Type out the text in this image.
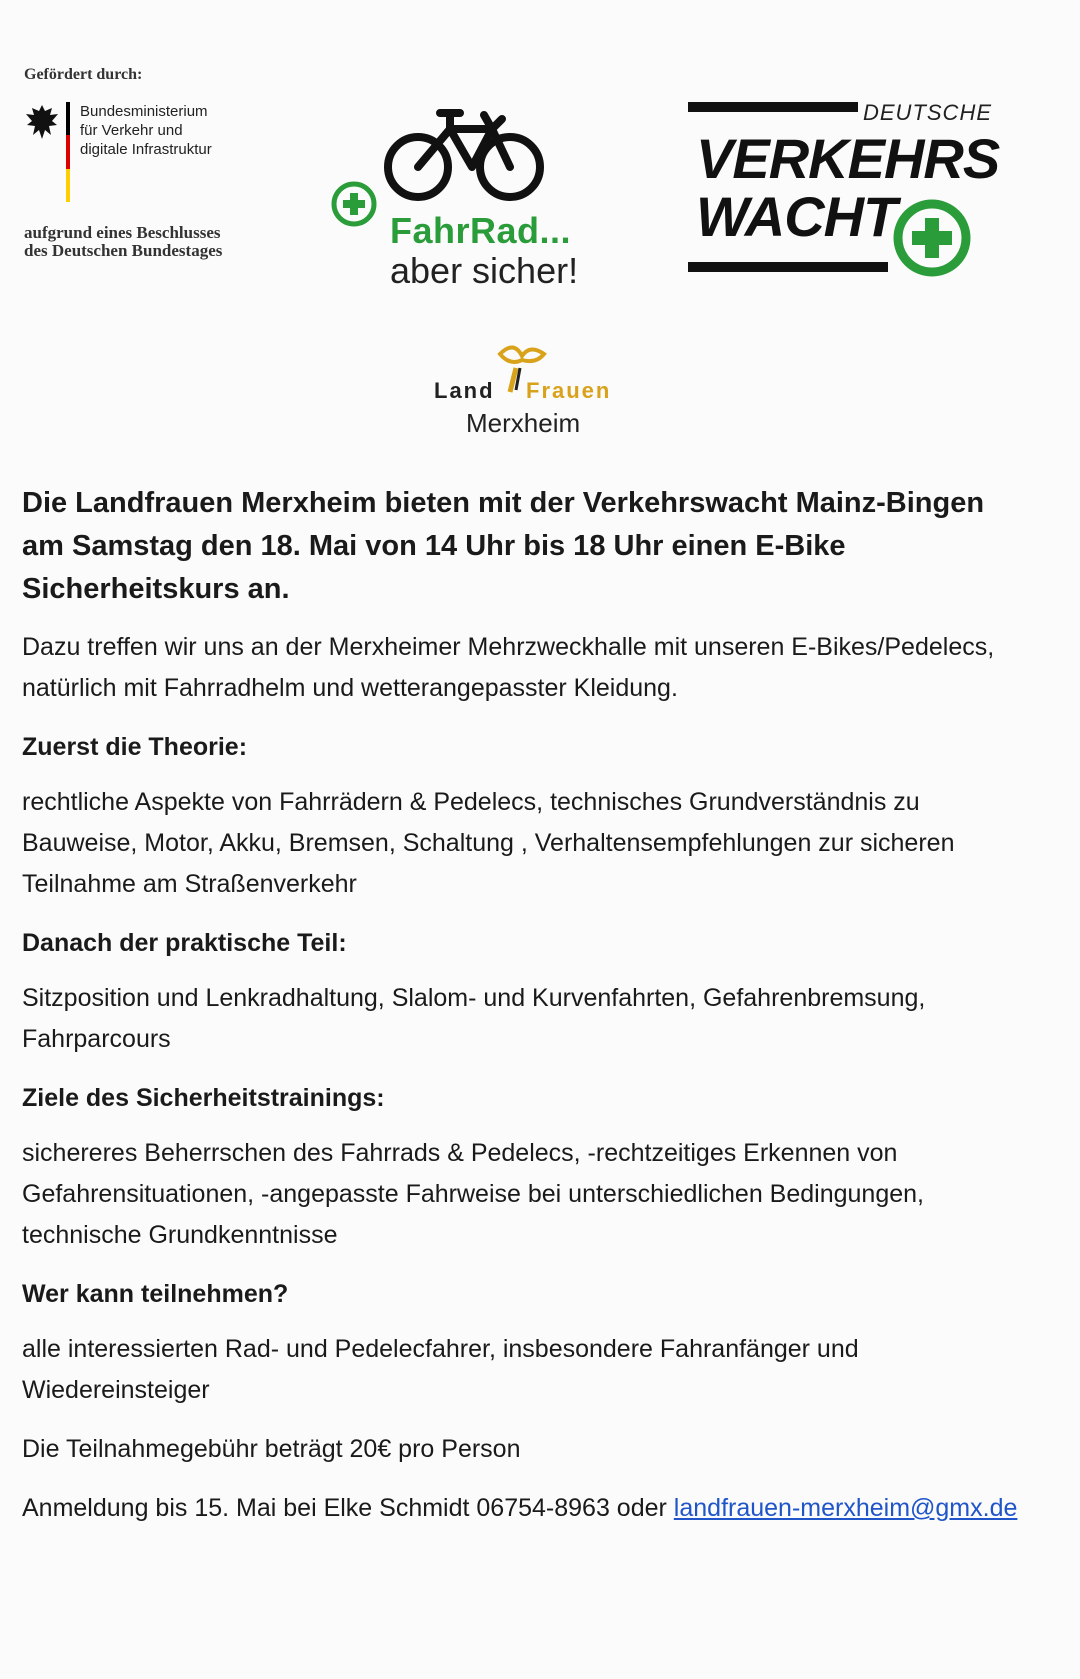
Gefördert durch:
Bundesministerium
für Verkehr und
digitale Infrastruktur
aufgrund eines Beschlusses
des Deutschen Bundestages	FahrRad...
aber sicher!
DEUTSCHE
VERKEHRS
WACHT
Land Frauen
Merxheim
Die Landfrauen Merxheim bieten mit der Verkehrswacht Mainz-Bingen am Samstag den 18. Mai von 14 Uhr bis 18 Uhr einen E-Bike Sicherheitskurs an.
Dazu treffen wir uns an der Merxheimer Mehrzweckhalle mit unseren E-Bikes/Pedelecs, natürlich mit Fahrradhelm und wetterangepasster Kleidung.
Zuerst die Theorie:
rechtliche Aspekte von Fahrrädern & Pedelecs, technisches Grundverständnis zu Bauweise, Motor, Akku, Bremsen, Schaltung , Verhaltensempfehlungen zur sicheren Teilnahme am Straßenverkehr
Danach der praktische Teil:
Sitzposition und Lenkradhaltung, Slalom- und Kurvenfahrten, Gefahrenbremsung, Fahrparcours
Ziele des Sicherheitstrainings:
sichereres Beherrschen des Fahrrads & Pedelecs, -rechtzeitiges Erkennen von Gefahrensituationen, -angepasste Fahrweise bei unterschiedlichen Bedingungen, technische Grundkenntnisse
Wer kann teilnehmen?
alle interessierten Rad- und Pedelecfahrer, insbesondere Fahranfänger und Wiedereinsteiger
Die Teilnahmegebühr beträgt 20€ pro Person
Anmeldung bis 15. Mai bei Elke Schmidt 06754-8963 oder landfrauen-merxheim@gmx.de
